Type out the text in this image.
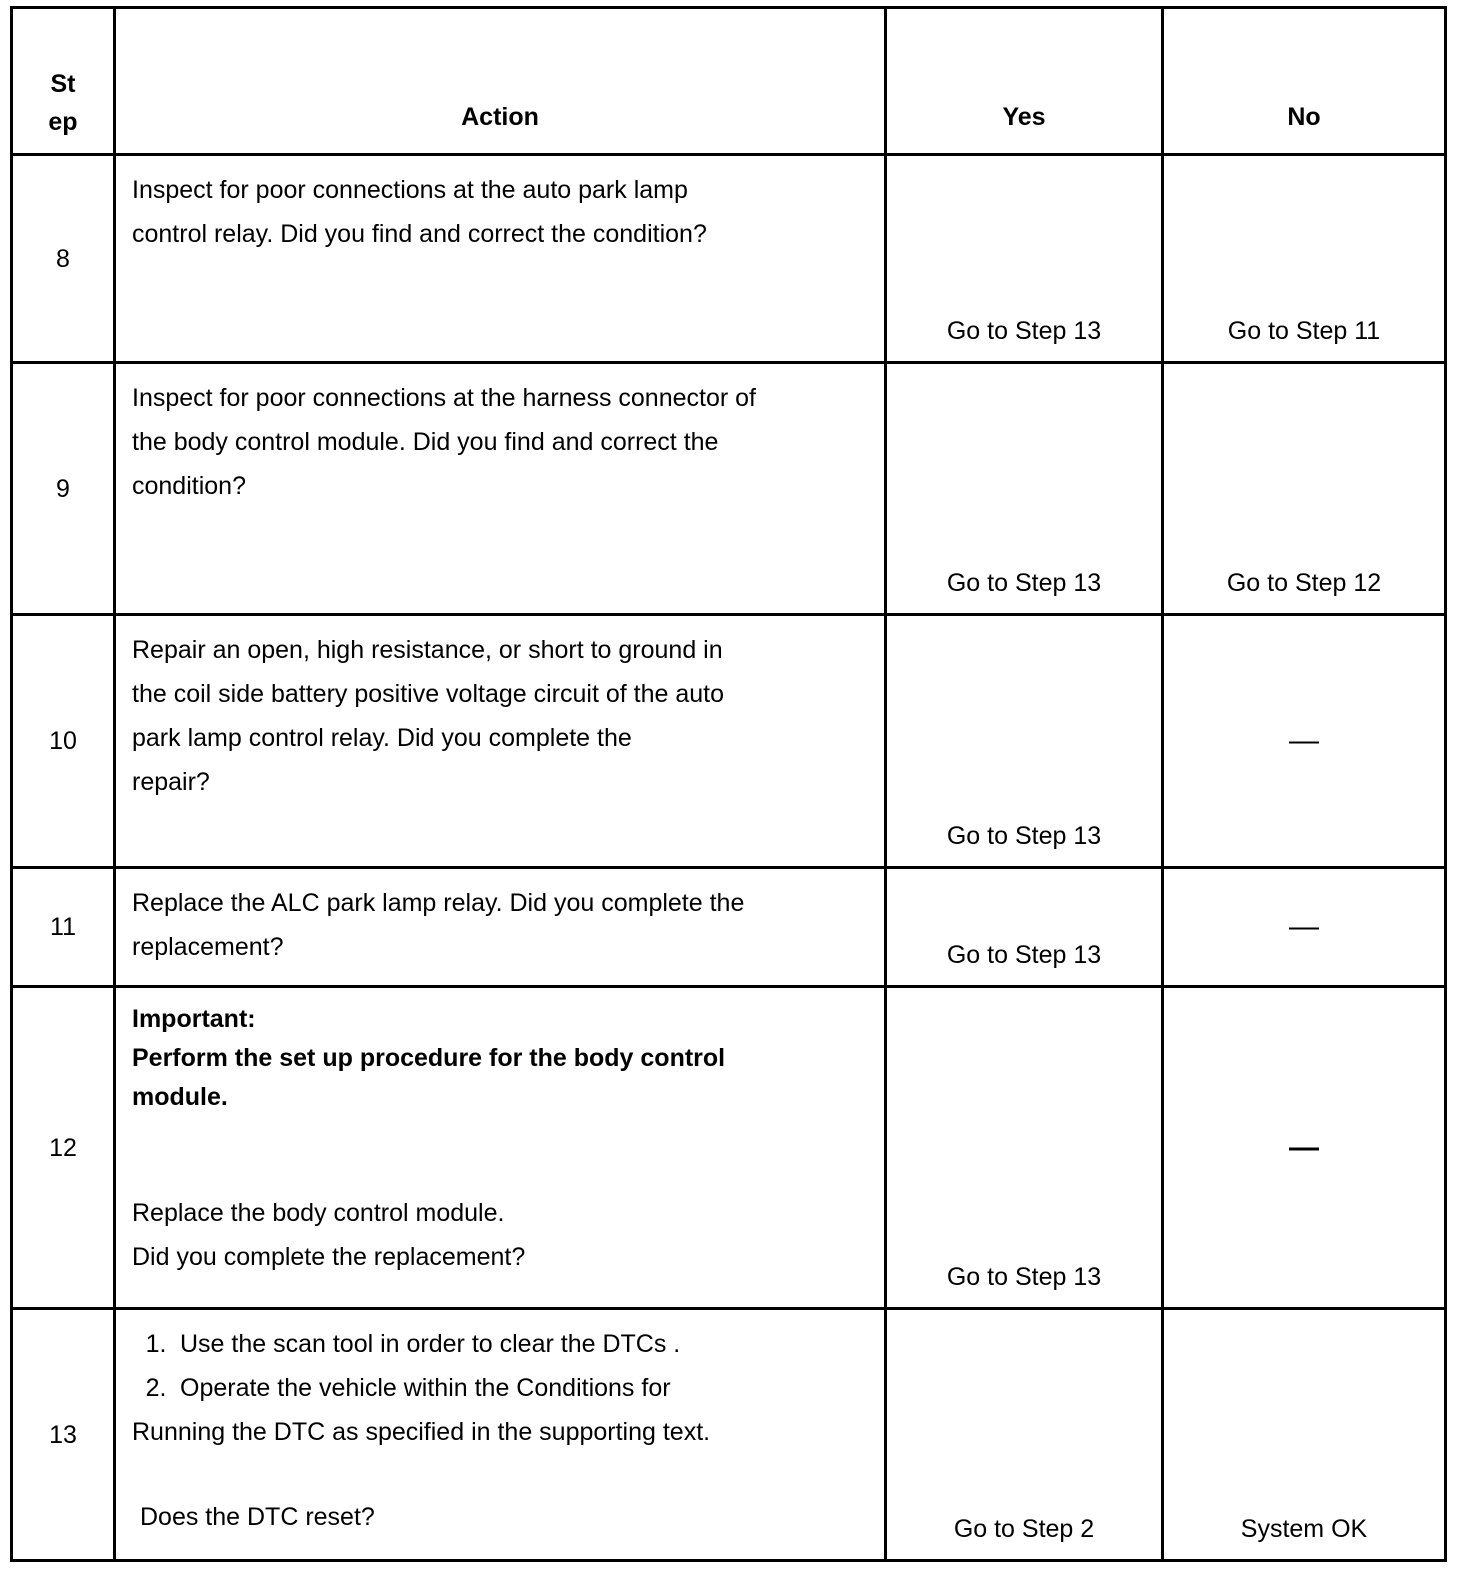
St
ep	Action	Yes	No
8	Inspect for poor connections at the auto park lamp
control relay. Did you find and correct the condition?	Go to Step 13	Go to Step 11
9	Inspect for poor connections at the harness connector of
the body control module. Did you find and correct the
condition?	Go to Step 13	Go to Step 12
10	Repair an open, high resistance, or short to ground in
the coil side battery positive voltage circuit of the auto
park lamp control relay. Did you complete the
repair?	Go to Step 13	—
11	Replace the ALC park lamp relay. Did you complete the
replacement?	Go to Step 13	—
12	Important:
Perform the set up procedure for the body control
module.
Replace the body control module.
Did you complete the replacement?	Go to Step 13	—
13	1. Use the scan tool in order to clear the DTCs .
2. Operate the vehicle within the Conditions for
Running the DTC as specified in the supporting text.
Does the DTC reset?	Go to Step 2	System OK
